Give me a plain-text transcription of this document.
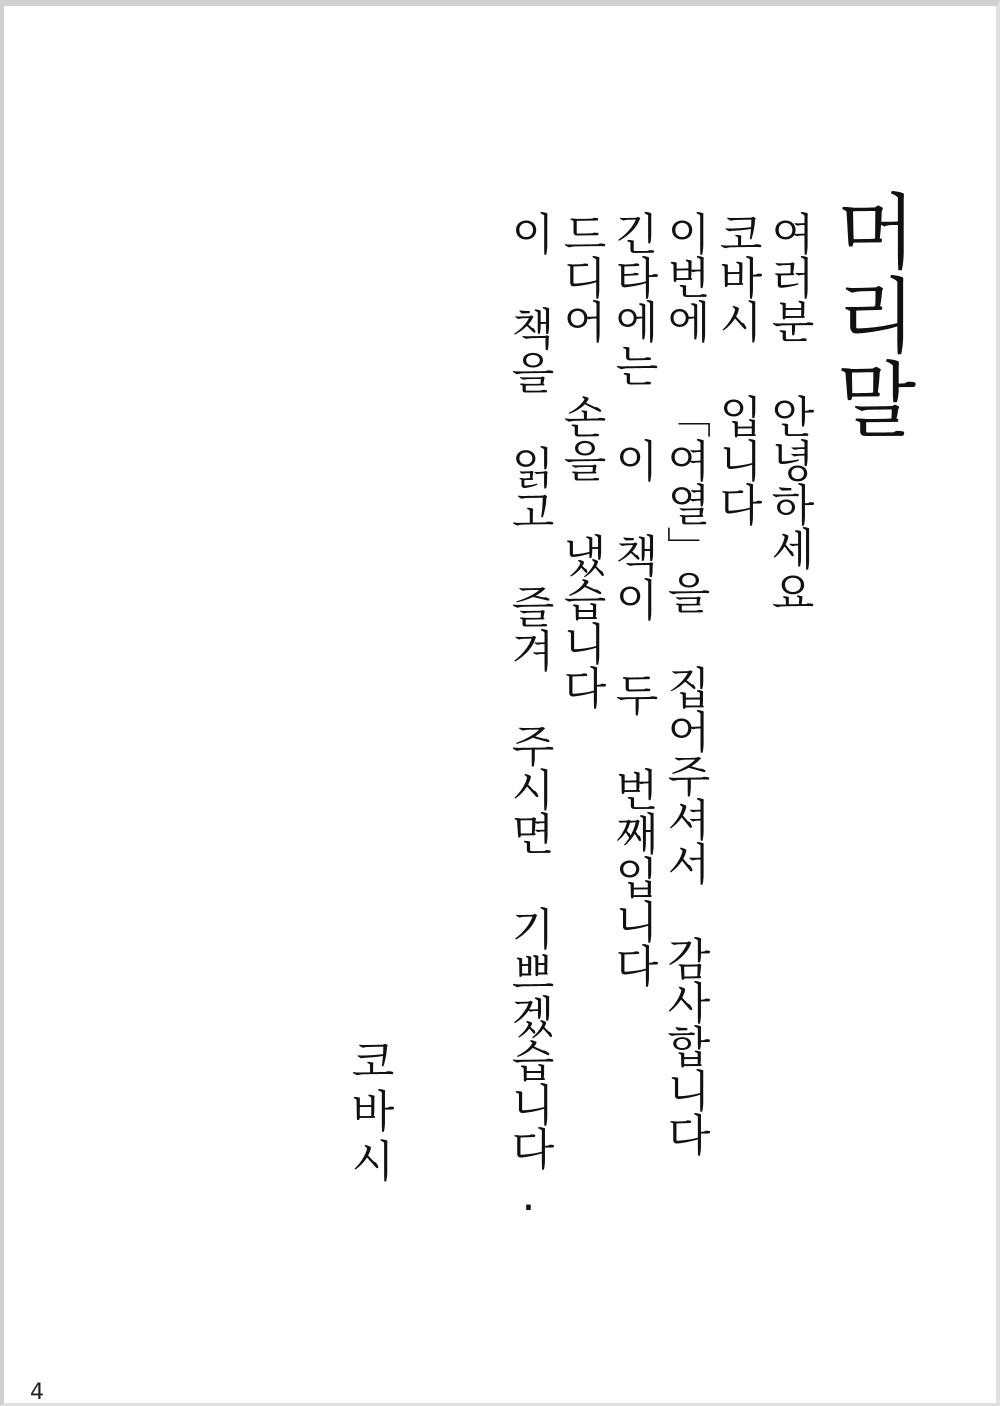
머리말
여러분 안녕하세요
코바시 입니다
이번에 「여열」을 집어주셔서 감사합니다
긴타에는 이 책이 두 번째입니다
드디어 손을 냈습니다
이 책을 읽고 즐겨 주시면 기쁘겠습니다.
코바시
4
